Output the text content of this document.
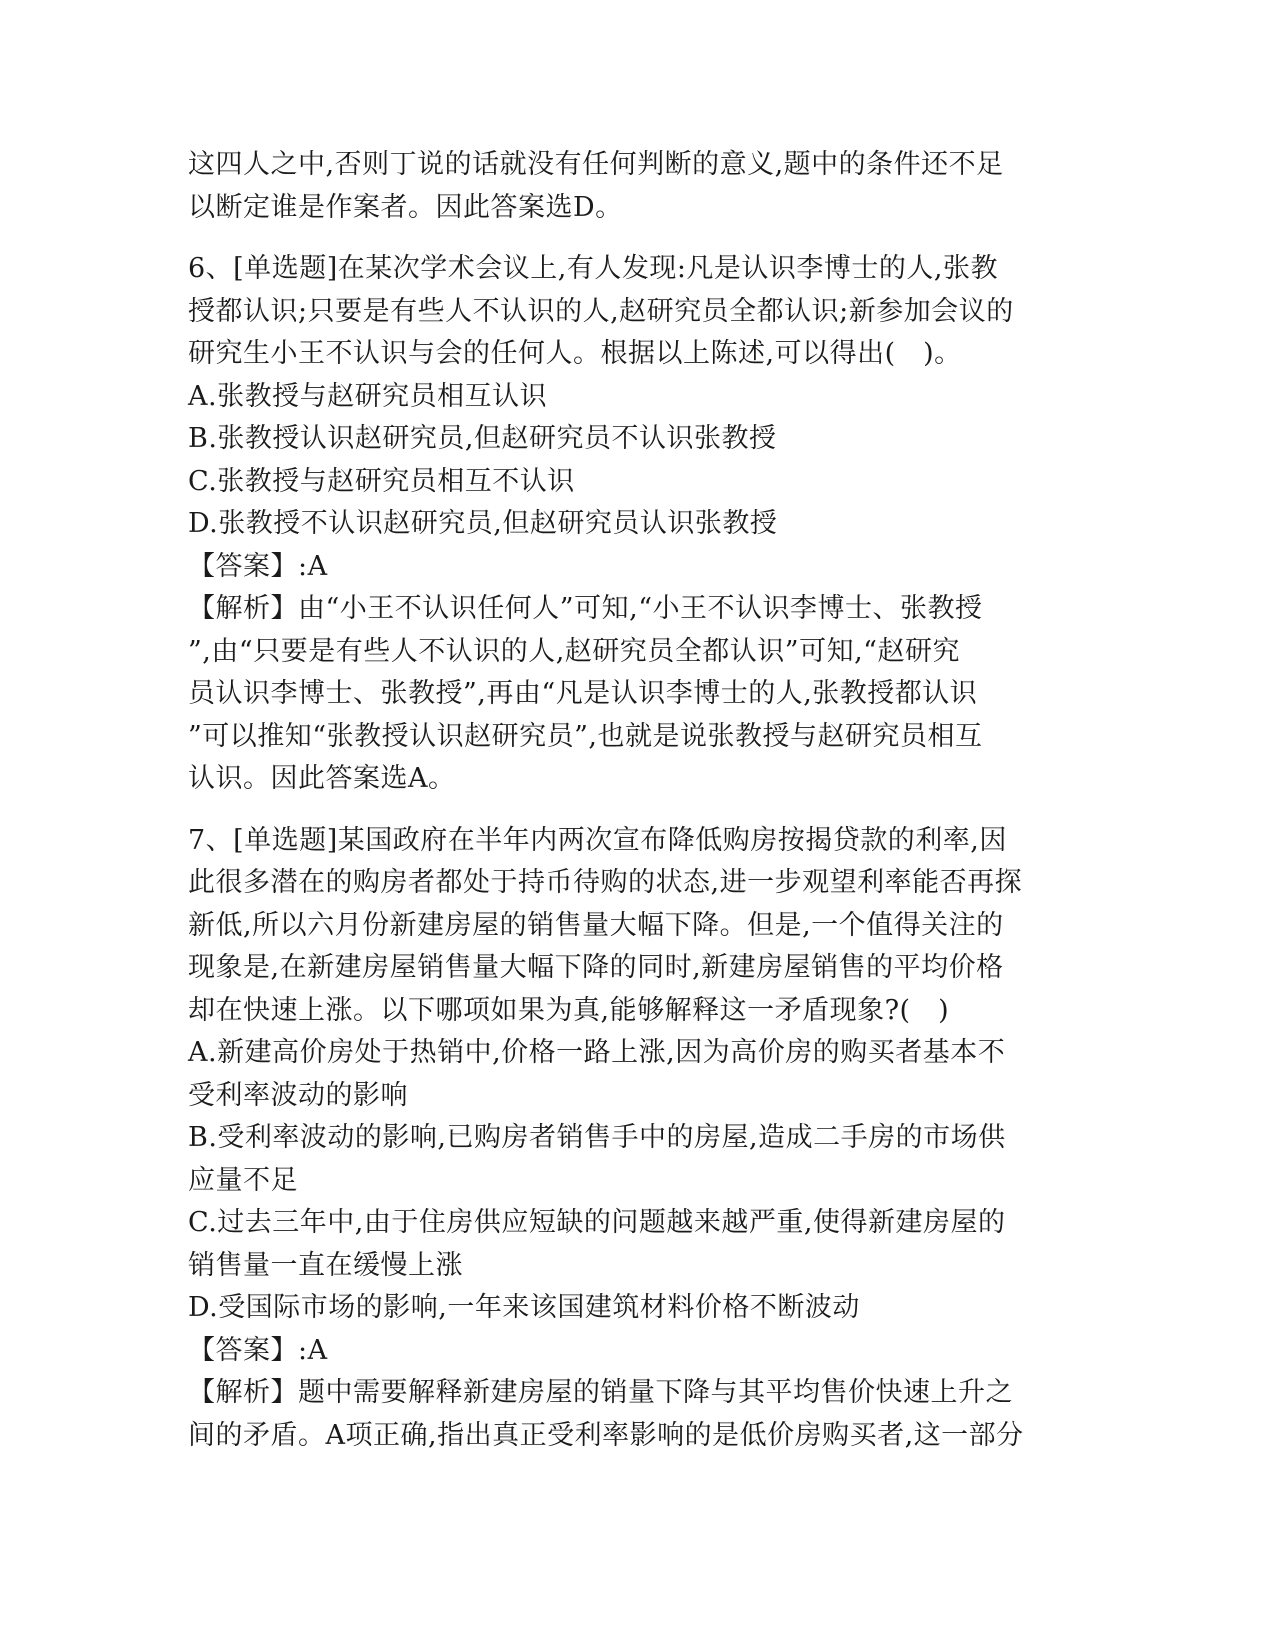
这四人之中,否则丁说的话就没有任何判断的意义,题中的条件还不足
以断定谁是作案者。因此答案选D。
6、[单选题]在某次学术会议上,有人发现:凡是认识李博士的人,张教
授都认识;只要是有些人不认识的人,赵研究员全都认识;新参加会议的
研究生小王不认识与会的任何人。根据以上陈述,可以得出(　)。
A.张教授与赵研究员相互认识
B.张教授认识赵研究员,但赵研究员不认识张教授
C.张教授与赵研究员相互不认识
D.张教授不认识赵研究员,但赵研究员认识张教授
【答案】:A
【解析】由“小王不认识任何人”可知,“小王不认识李博士、张教授
”,由“只要是有些人不认识的人,赵研究员全都认识”可知,“赵研究
员认识李博士、张教授”,再由“凡是认识李博士的人,张教授都认识
”可以推知“张教授认识赵研究员”,也就是说张教授与赵研究员相互
认识。因此答案选A。
7、[单选题]某国政府在半年内两次宣布降低购房按揭贷款的利率,因
此很多潜在的购房者都处于持币待购的状态,进一步观望利率能否再探
新低,所以六月份新建房屋的销售量大幅下降。但是,一个值得关注的
现象是,在新建房屋销售量大幅下降的同时,新建房屋销售的平均价格
却在快速上涨。以下哪项如果为真,能够解释这一矛盾现象?(　)
A.新建高价房处于热销中,价格一路上涨,因为高价房的购买者基本不
受利率波动的影响
B.受利率波动的影响,已购房者销售手中的房屋,造成二手房的市场供
应量不足
C.过去三年中,由于住房供应短缺的问题越来越严重,使得新建房屋的
销售量一直在缓慢上涨
D.受国际市场的影响,一年来该国建筑材料价格不断波动
【答案】:A
【解析】题中需要解释新建房屋的销量下降与其平均售价快速上升之
间的矛盾。A项正确,指出真正受利率影响的是低价房购买者,这一部分
